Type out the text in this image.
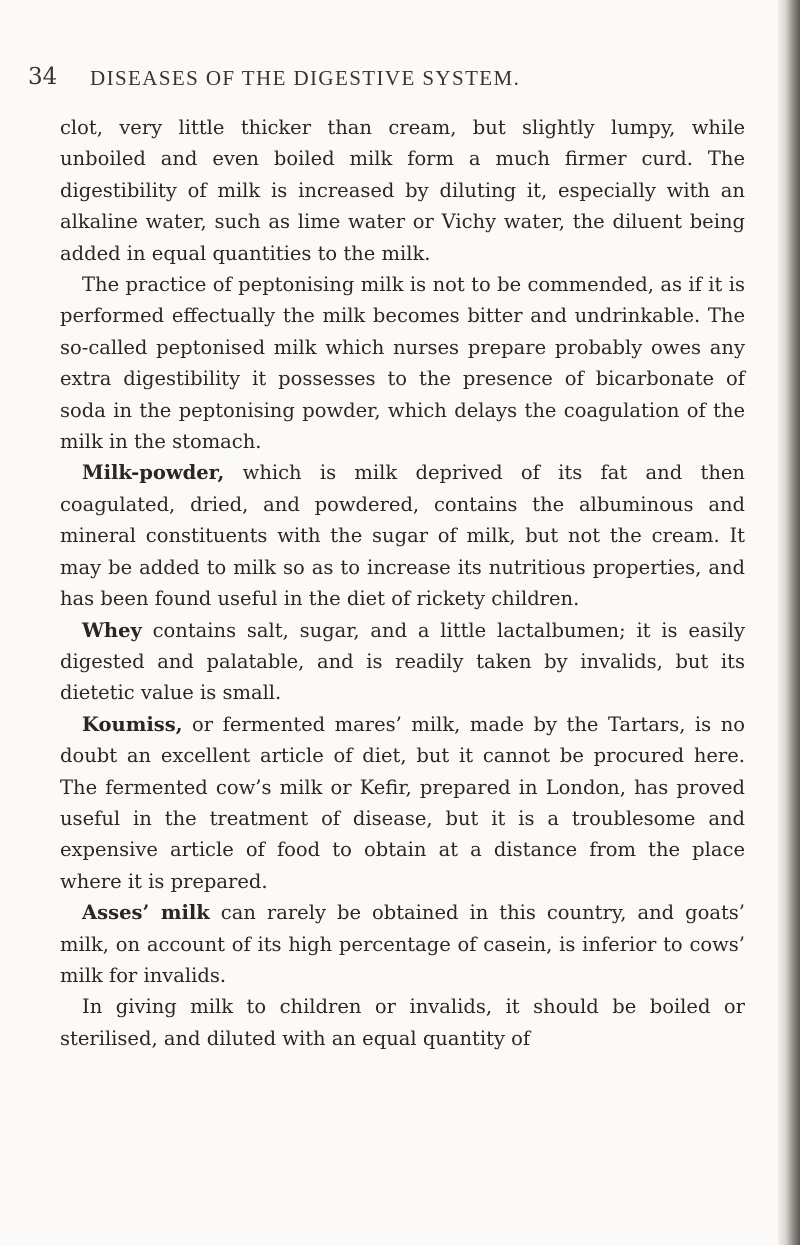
34 DISEASES OF THE DIGESTIVE SYSTEM.

clot, very little thicker than cream, but slightly lumpy, while unboiled and even boiled milk form a much firmer curd. The digestibility of milk is increased by diluting it, especially with an alkaline water, such as lime water or Vichy water, the diluent being added in equal quantities to the milk.

The practice of peptonising milk is not to be commended, as if it is performed effectually the milk becomes bitter and undrinkable. The so-called peptonised milk which nurses prepare probably owes any extra digestibility it possesses to the presence of bicarbonate of soda in the peptonising powder, which delays the coagulation of the milk in the stomach.

Milk-powder, which is milk deprived of its fat and then coagulated, dried, and powdered, contains the albuminous and mineral constituents with the sugar of milk, but not the cream. It may be added to milk so as to increase its nutritious properties, and has been found useful in the diet of rickety children.

Whey contains salt, sugar, and a little lactalbumen; it is easily digested and palatable, and is readily taken by invalids, but its dietetic value is small.

Koumiss, or fermented mares’ milk, made by the Tartars, is no doubt an excellent article of diet, but it cannot be procured here. The fermented cow’s milk or Kefir, prepared in London, has proved useful in the treatment of disease, but it is a troublesome and expensive article of food to obtain at a distance from the place where it is prepared.

Asses’ milk can rarely be obtained in this country, and goats’ milk, on account of its high percentage of casein, is inferior to cows’ milk for invalids.

In giving milk to children or invalids, it should be boiled or sterilised, and diluted with an equal quantity of
